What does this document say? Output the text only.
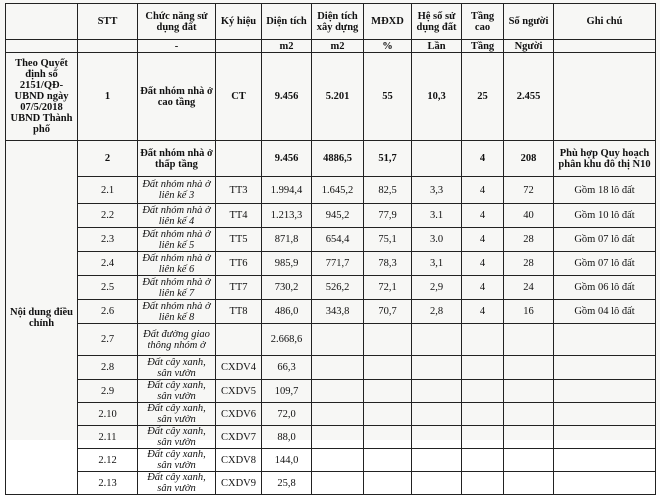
	STT	Chức năng sử dụng đất	Ký hiệu	Diện tích	Diện tích xây dựng	MĐXD	Hệ số sử dụng đất	Tầng cao	Số người	Ghi chú
		-		m2	m2	%	Lần	Tầng	Người	
Theo Quyết định số 2151/QĐ-UBND ngày 07/5/2018 UBND Thành phố	1	Đất nhóm nhà ở cao tầng	CT	9.456	5.201	55	10,3	25	2.455	
Nội dung điều chỉnh	2	Đất nhóm nhà ở thấp tầng		9.456	4886,5	51,7		4	208	Phù hợp Quy hoạch phân khu đô thị N10
	2.1	Đất nhóm nhà ở liên kế 3	TT3	1.994,4	1.645,2	82,5	3,3	4	72	Gồm 18 lô đất
	2.2	Đất nhóm nhà ở liên kế 4	TT4	1.213,3	945,2	77,9	3.1	4	40	Gồm 10 lô đất
	2.3	Đất nhóm nhà ở liên kế 5	TT5	871,8	654,4	75,1	3.0	4	28	Gồm 07 lô đất
	2.4	Đất nhóm nhà ở liên kế 6	TT6	985,9	771,7	78,3	3,1	4	28	Gồm 07 lô đất
	2.5	Đất nhóm nhà ở liên kế 7	TT7	730,2	526,2	72,1	2,9	4	24	Gồm 06 lô đất
	2.6	Đất nhóm nhà ở liên kế 8	TT8	486,0	343,8	70,7	2,8	4	16	Gồm 04 lô đất
	2.7	Đất đường giao thông nhóm ở		2.668,6						
	2.8	Đất cây xanh, sân vườn	CXDV4	66,3						
	2.9	Đất cây xanh, sân vườn	CXDV5	109,7						
	2.10	Đất cây xanh, sân vườn	CXDV6	72,0						
	2.11	Đất cây xanh, sân vườn	CXDV7	88,0						
	2.12	Đất cây xanh, sân vườn	CXDV8	144,0						
	2.13	Đất cây xanh, sân vườn	CXDV9	25,8						
